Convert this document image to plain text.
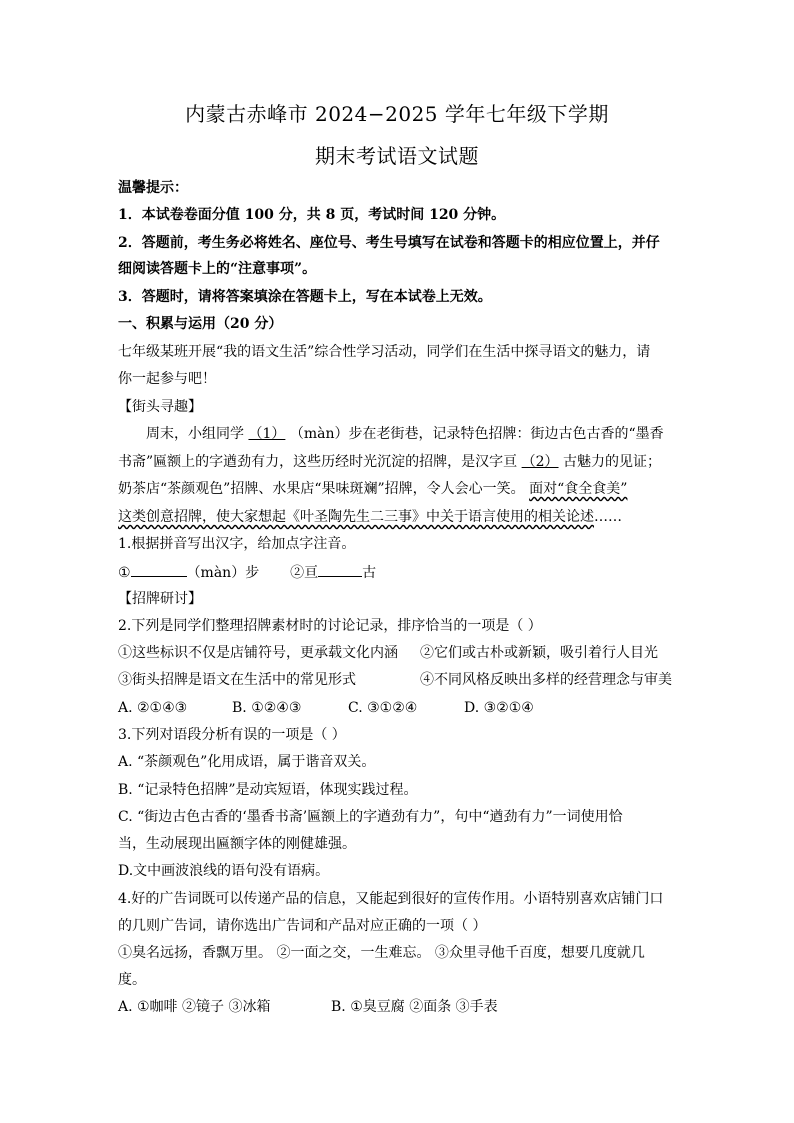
内蒙古赤峰市 2024−2025 学年七年级下学期
期末考试语文试题
温馨提示：
1．本试卷卷面分值 100 分，共 8 页，考试时间 120 分钟。
2．答题前，考生务必将姓名、座位号、考生号填写在试卷和答题卡的相应位置上，并仔
细阅读答题卡上的“注意事项”。
3．答题时，请将答案填涂在答题卡上，写在本试卷上无效。
一、积累与运用（20 分）
七年级某班开展“我的语文生活”综合性学习活动，同学们在生活中探寻语文的魅力，请
你一起参与吧！
【街头寻趣】
周末，小组同学 （1） （màn）步在老街巷，记录特色招牌：街边古色古香的“墨香
书斋”匾额上的字遒劲有力，这些历经时光沉淀的招牌，是汉字亘 （2） 古魅力的见证；
奶茶店“茶颜观色”招牌、水果店“果味斑斓”招牌，令人会心一笑。 面对“食全食美”
这类创意招牌，使大家想起《叶圣陶先生二三事》中关于语言使用的相关论述……
1.根据拼音写出汉字，给加点字注音。
①	（màn）步 ②亘	古
【招牌研讨】
2.下列是同学们整理招牌素材时的讨论记录，排序恰当的一项是（ ）
①这些标识不仅是店铺符号，更承载文化内涵 ②它们或古朴或新颖，吸引着行人目光
③街头招牌是语文在生活中的常见形式	④不同风格反映出多样的经营理念与审美
A. ②①④③	B. ①②④③	C. ③①②④	D. ③②①④
3.下列对语段分析有误的一项是（ ）
A. “茶颜观色”化用成语，属于谐音双关。
B. “记录特色招牌”是动宾短语，体现实践过程。
C. “街边古色古香的‘墨香书斋’匾额上的字遒劲有力”，句中“遒劲有力”一词使用恰
当，生动展现出匾额字体的刚健雄强。
D.文中画波浪线的语句没有语病。
4.好的广告词既可以传递产品的信息，又能起到很好的宣传作用。小语特别喜欢店铺门口
的几则广告词，请你选出广告词和产品对应正确的一项（ ）
①臭名远扬，香飘万里。 ②一面之交，一生难忘。 ③众里寻他千百度，想要几度就几
度。
A. ①咖啡 ②镜子 ③冰箱	B. ①臭豆腐 ②面条 ③手表
